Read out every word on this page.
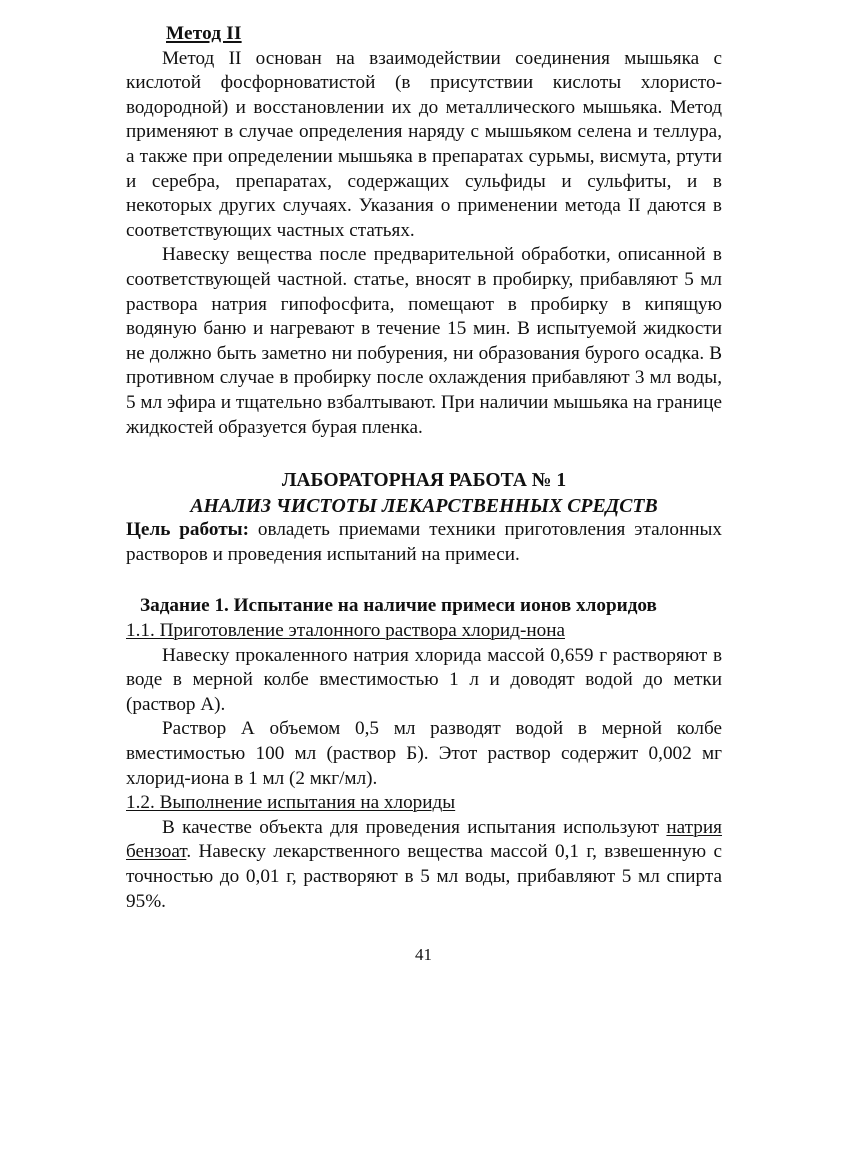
Метод II

Метод II основан на взаимодействии соединения мышьяка с кислотой фосфорноватистой (в присутствии кислоты хлористо-водородной) и восстановлении их до металлического мышьяка. Метод применяют в случае определения наряду с мышьяком селена и теллура, а также при определении мышьяка в препаратах сурьмы, висмута, ртути и серебра, препаратах, содержащих сульфиды и сульфиты, и в некоторых других случаях. Указания о применении метода II даются в соответствующих частных статьях.

Навеску вещества после предварительной обработки, описанной в соответствующей частной. статье, вносят в пробирку, прибавляют 5 мл раствора натрия гипофосфита, помещают в пробирку в кипящую водяную баню и нагревают в течение 15 мин. В испытуемой жидкости не должно быть заметно ни побурения, ни образования бурого осадка. В противном случае в пробирку после охлаждения прибавляют 3 мл воды, 5 мл эфира и тщательно взбалтывают. При наличии мышьяка на границе жидкостей образуется бурая пленка.

ЛАБОРАТОРНАЯ РАБОТА № 1

АНАЛИЗ ЧИСТОТЫ ЛЕКАРСТВЕННЫХ СРЕДСТВ

Цель работы: овладеть приемами техники приготовления эталонных растворов и проведения испытаний на примеси.

Задание 1. Испытание на наличие примеси ионов хлоридов

1.1. Приготовление эталонного раствора хлорид-нона

Навеску прокаленного натрия хлорида массой 0,659 г растворяют в воде в мерной колбе вместимостью 1 л и доводят водой до метки (раствор А).

Раствор А объемом 0,5 мл разводят водой в мерной колбе вместимостью 100 мл (раствор Б). Этот раствор содержит 0,002 мг хлорид-иона в 1 мл (2 мкг/мл).

1.2. Выполнение испытания на хлориды

В качестве объекта для проведения испытания используют натрия бензоат. Навеску лекарственного вещества массой 0,1 г, взвешенную с точностью до 0,01 г, растворяют в 5 мл воды, прибавляют 5 мл спирта 95%.

41
